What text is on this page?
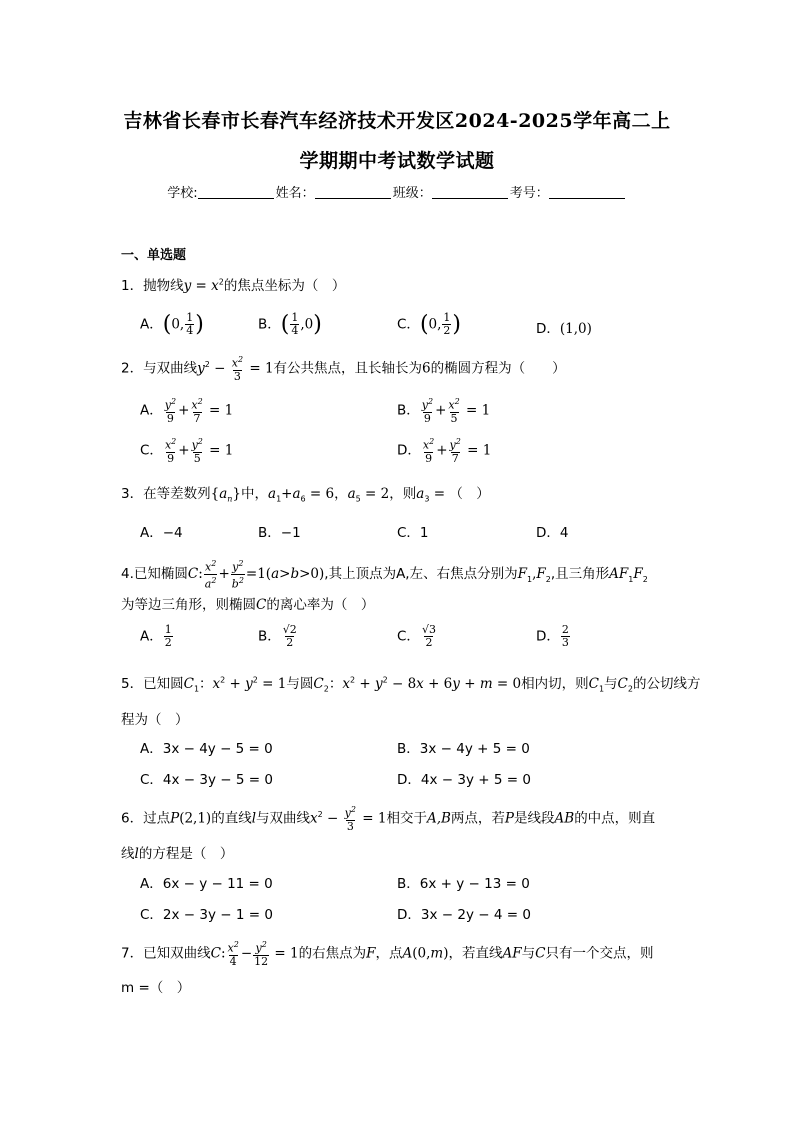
吉林省长春市长春汽车经济技术开发区2024-2025学年高二上
学期期中考试数学试题
学校:	姓名：	班级：	考号：
一、单选题
1．抛物线$y = x^2$的焦点坐标为（　）
A．(0, $\frac{1}{4}$ )	B．( $\frac{1}{4} ,0$)	C．(0, $\frac{1}{2}$ )	D．(1,0)
2．与双曲线$y^2 - \frac{x^2}{3} = 1$有公共焦点，且长轴长为6的椭圆方程为（　　）
A． $\frac{y^2}{9} + \frac{x^2}{7} = 1$	B． $\frac{y^2}{9} + \frac{x^2}{5} = 1$
C． $\frac{x^2}{9} + \frac{y^2}{5} = 1$	D． $\frac{x^2}{9} + \frac{y^2}{7} = 1$
3．在等差数列$\{a_n\}$中，$a_1+a_6 = 6$，$a_5 = 2$，则$a_3$ = （　）
A．−4	B．−1	C．1	D．4
4.已知椭圆C: $\frac{x^2}{a^2} + \frac{y^2}{b^2} =1(a>b>0)$,其上顶点为A,左、右焦点分别为$F_1,F_2$,且三角形$AF_1F_2$
为等边三角形，则椭圆C的离心率为（　）
A． $\frac{1}{2}$	B． $\frac{√2}{2}$	C． $\frac{√3}{2}$	D． $\frac{2}{3}$
5．已知圆$C_1$：$x^2 + y^2 = 1$与圆$C_2$：$x^2 + y^2 - 8x + 6y + m = 0$相内切，则$C_1$与$C_2$的公切线方
程为（　）
A．3x − 4y − 5 = 0	B．3x − 4y + 5 = 0
C．4x − 3y − 5 = 0	D．4x − 3y + 5 = 0
6．过点P(2,1)的直线l与双曲线$x^2 - \frac{y^2}{3} = 1$相交于A,B两点，若P是线段AB的中点，则直
线l的方程是（　）
A．6x − y − 11 = 0	B．6x + y − 13 = 0
C．2x − 3y − 1 = 0	D．3x − 2y − 4 = 0
7．已知双曲线C: $\frac{x^2}{4} - \frac{y^2}{12} = 1$的右焦点为F，点A(0,m)，若直线AF与C只有一个交点，则
m =（　）
